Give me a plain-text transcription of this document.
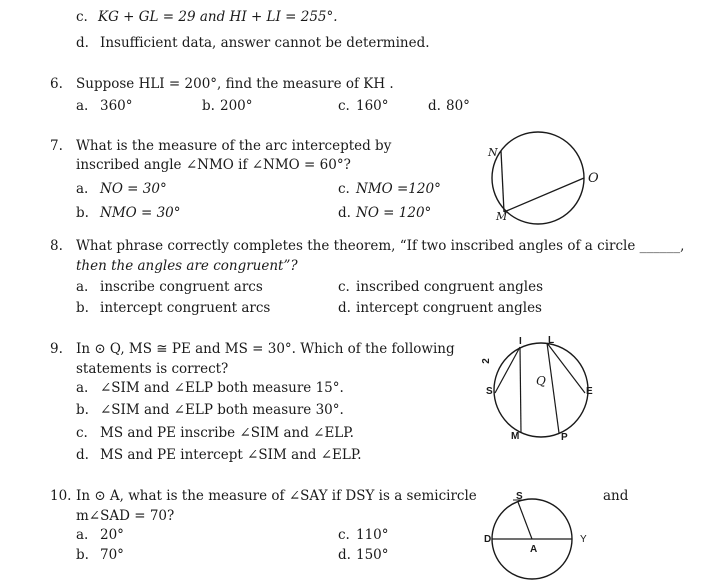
c. KG + GL = 29 and HI + LI = 255°.
d. Insufficient data, answer cannot be determined.
6. Suppose HLI = 200°, find the measure of KH .
a. 360°	b. 200°	c. 160°	d. 80°
7. What is the measure of the arc intercepted by
inscribed angle ∠NMO if ∠NMO = 60°?
a. NO = 30°
b. NMO = 30°
c. NMO =120°
d. NO = 120°
N
O
M
8. What phrase correctly completes the theorem, “If two inscribed angles of a circle ______,
then the angles are congruent”?
a. inscribe congruent arcs
b. intercept congruent arcs
c. inscribed congruent angles
d. intercept congruent angles
9. In ⊙ Q, MS ≅ PE and MS = 30°. Which of the following
statements is correct?
a. ∠SIM and ∠ELP both measure 15°.
b. ∠SIM and ∠ELP both measure 30°.
c. MS and PE inscribe ∠SIM and ∠ELP.
d. MS and PE intercept ∠SIM and ∠ELP.
2
I	L
S
Q
E
M	P
10. In ⊙ A, what is the measure of ∠SAY if DSY is a semicircle	and
m∠SAD = 70?
a. 20°
b. 70°
c. 110°
d. 150°
S
D
A
Y
